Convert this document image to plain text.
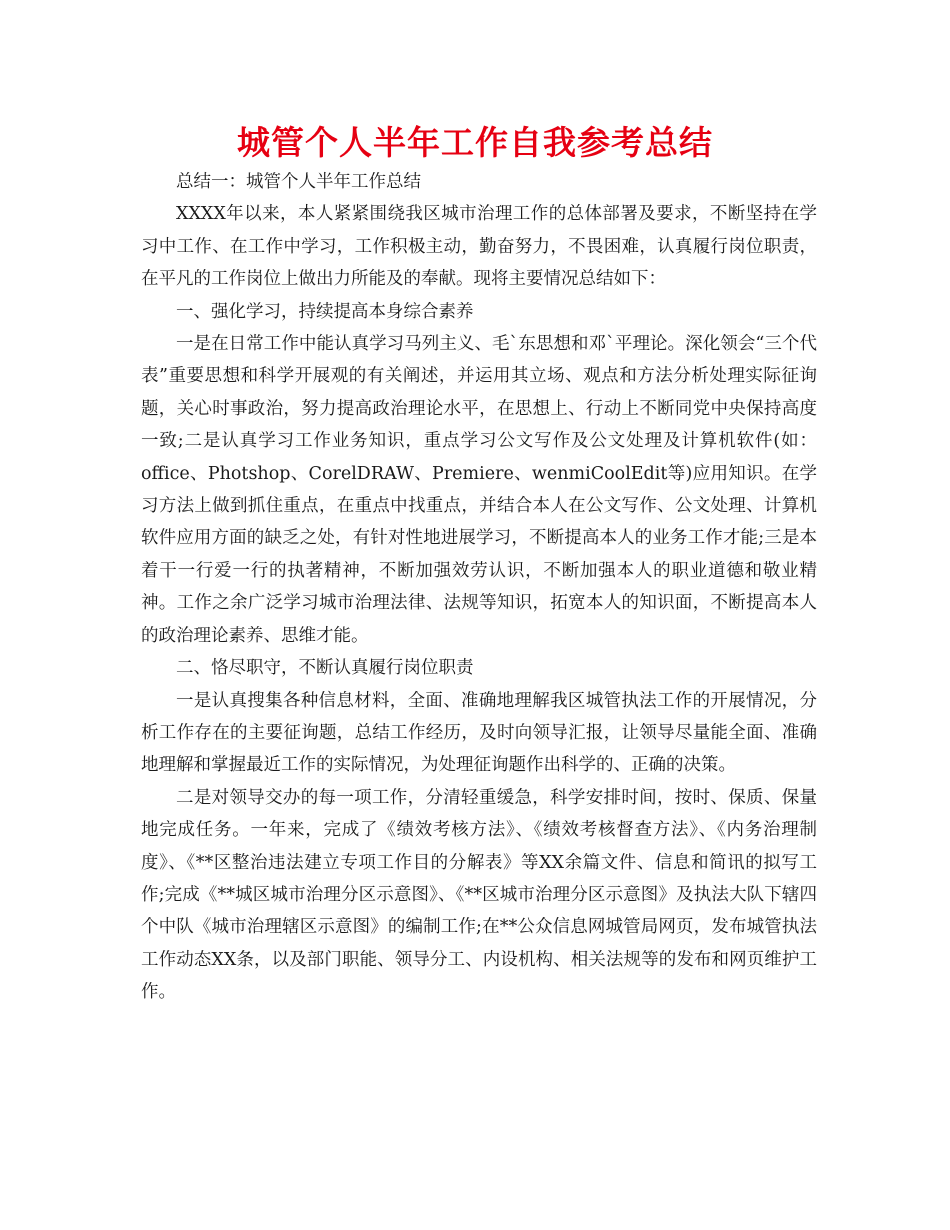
城管个人半年工作自我参考总结

总结一：城管个人半年工作总结

XXXX年以来，本人紧紧围绕我区城市治理工作的总体部署及要求，不断坚持在学习中工作、在工作中学习，工作积极主动，勤奋努力，不畏困难，认真履行岗位职责，在平凡的工作岗位上做出力所能及的奉献。现将主要情况总结如下：

一、强化学习，持续提高本身综合素养

一是在日常工作中能认真学习马列主义、毛`东思想和邓`平理论。深化领会“三个代表”重要思想和科学开展观的有关阐述，并运用其立场、观点和方法分析处理实际征询题，关心时事政治，努力提高政治理论水平，在思想上、行动上不断同党中央保持高度一致;二是认真学习工作业务知识，重点学习公文写作及公文处理及计算机软件(如：office、Photshop、CorelDRAW、Premiere、wenmiCoolEdit等)应用知识。在学习方法上做到抓住重点，在重点中找重点，并结合本人在公文写作、公文处理、计算机软件应用方面的缺乏之处，有针对性地进展学习，不断提高本人的业务工作才能;三是本着干一行爱一行的执著精神，不断加强效劳认识，不断加强本人的职业道德和敬业精神。工作之余广泛学习城市治理法律、法规等知识，拓宽本人的知识面，不断提高本人的政治理论素养、思维才能。

二、恪尽职守，不断认真履行岗位职责

一是认真搜集各种信息材料，全面、准确地理解我区城管执法工作的开展情况，分析工作存在的主要征询题，总结工作经历，及时向领导汇报，让领导尽量能全面、准确地理解和掌握最近工作的实际情况，为处理征询题作出科学的、正确的决策。

二是对领导交办的每一项工作，分清轻重缓急，科学安排时间，按时、保质、保量地完成任务。一年来，完成了《绩效考核方法》、《绩效考核督查方法》、《内务治理制度》、《**区整治违法建立专项工作目的分解表》等XX余篇文件、信息和简讯的拟写工作;完成《**城区城市治理分区示意图》、《**区城市治理分区示意图》及执法大队下辖四个中队《城市治理辖区示意图》的编制工作;在**公众信息网城管局网页，发布城管执法工作动态XX条，以及部门职能、领导分工、内设机构、相关法规等的发布和网页维护工作。
